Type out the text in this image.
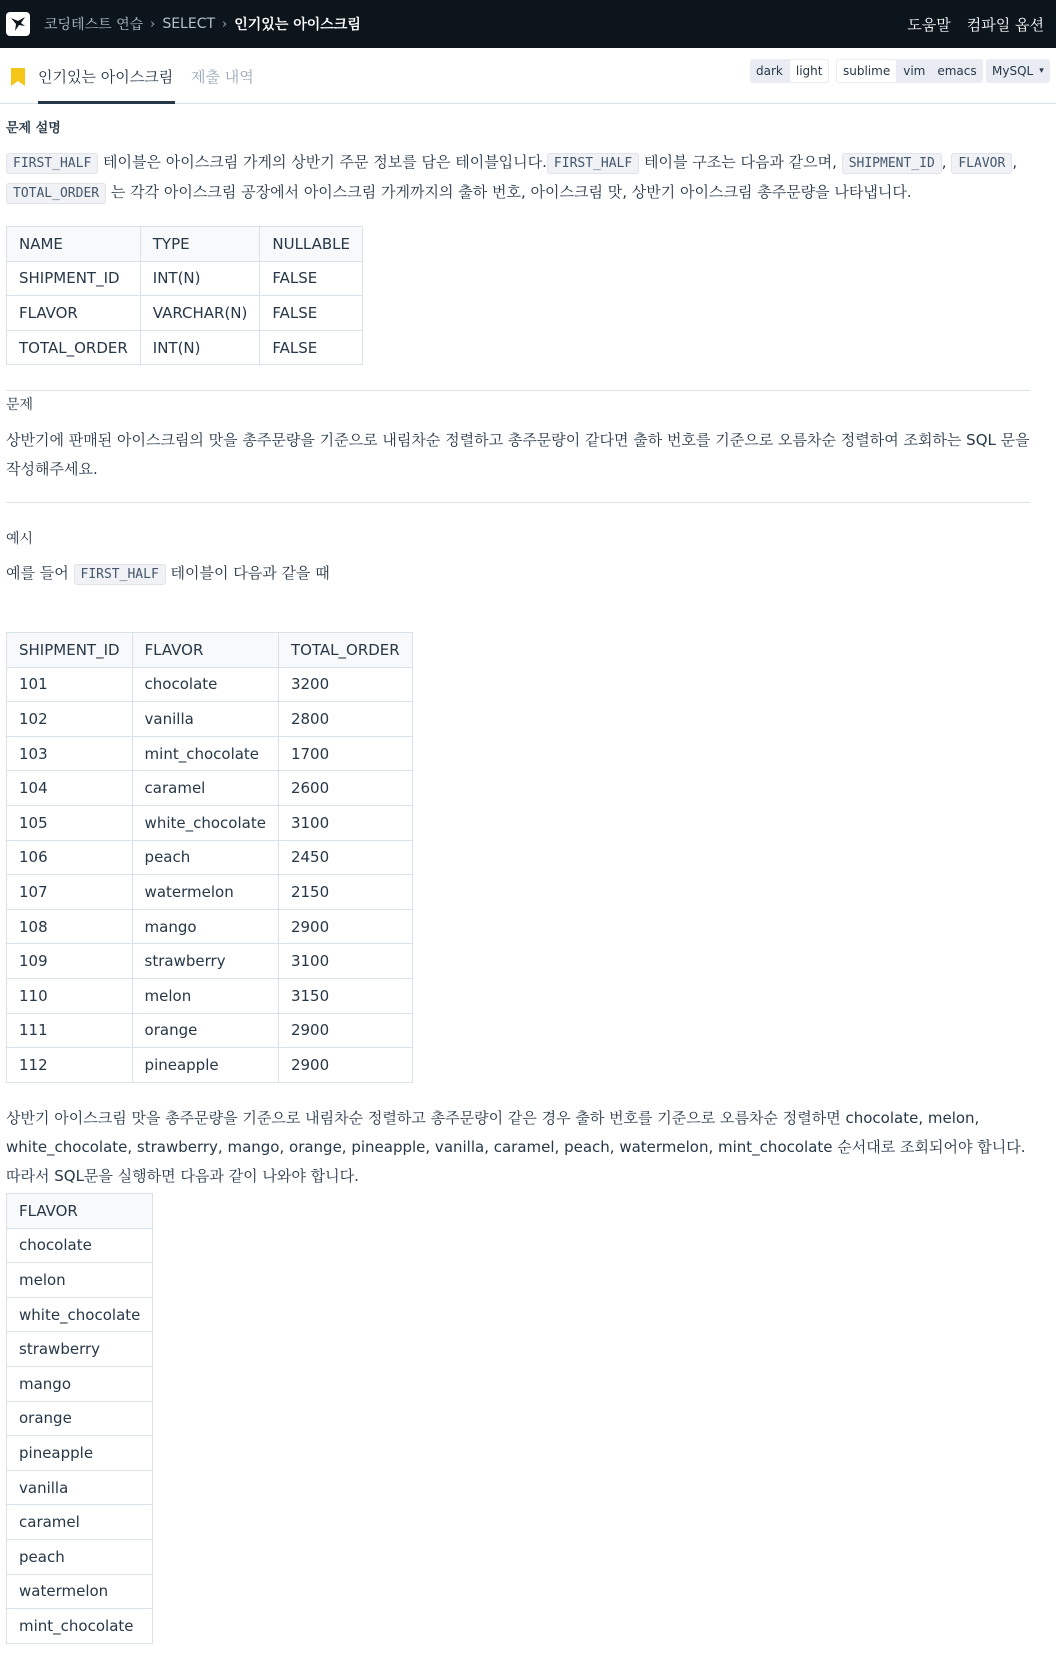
코딩테스트 연습 › SELECT › 인기있는 아이스크림	도움말 컴파일 옵션
인기있는 아이스크림 제출 내역	dark	light	sublime	vim	emacs	MySQL ▾
문제 설명

FIRST_HALF 테이블은 아이스크림 가게의 상반기 주문 정보를 담은 테이블입니다. FIRST_HALF 테이블 구조는 다음과 같으며, SHIPMENT_ID , FLAVOR , TOTAL_ORDER 는 각각 아이스크림 공장에서 아이스크림 가게까지의 출하 번호, 아이스크림 맛, 상반기 아이스크림 총주문량을 나타냅니다.

NAME	TYPE	NULLABLE
SHIPMENT_ID	INT(N)	FALSE
FLAVOR	VARCHAR(N)	FALSE
TOTAL_ORDER	INT(N)	FALSE
문제

상반기에 판매된 아이스크림의 맛을 총주문량을 기준으로 내림차순 정렬하고 총주문량이 같다면 출하 번호를 기준으로 오름차순 정렬하여 조회하는 SQL 문을 작성해주세요.

예시

예를 들어 FIRST_HALF 테이블이 다음과 같을 때

SHIPMENT_ID	FLAVOR	TOTAL_ORDER
101	chocolate	3200
102	vanilla	2800
103	mint_chocolate	1700
104	caramel	2600
105	white_chocolate	3100
106	peach	2450
107	watermelon	2150
108	mango	2900
109	strawberry	3100
110	melon	3150
111	orange	2900
112	pineapple	2900

상반기 아이스크림 맛을 총주문량을 기준으로 내림차순 정렬하고 총주문량이 같은 경우 출하 번호를 기준으로 오름차순 정렬하면 chocolate, melon, white_chocolate, strawberry, mango, orange, pineapple, vanilla, caramel, peach, watermelon, mint_chocolate 순서대로 조회되어야 합니다. 따라서 SQL문을 실행하면 다음과 같이 나와야 합니다.

FLAVOR
chocolate
melon
white_chocolate
strawberry
mango
orange
pineapple
vanilla
caramel
peach
watermelon
mint_chocolate
